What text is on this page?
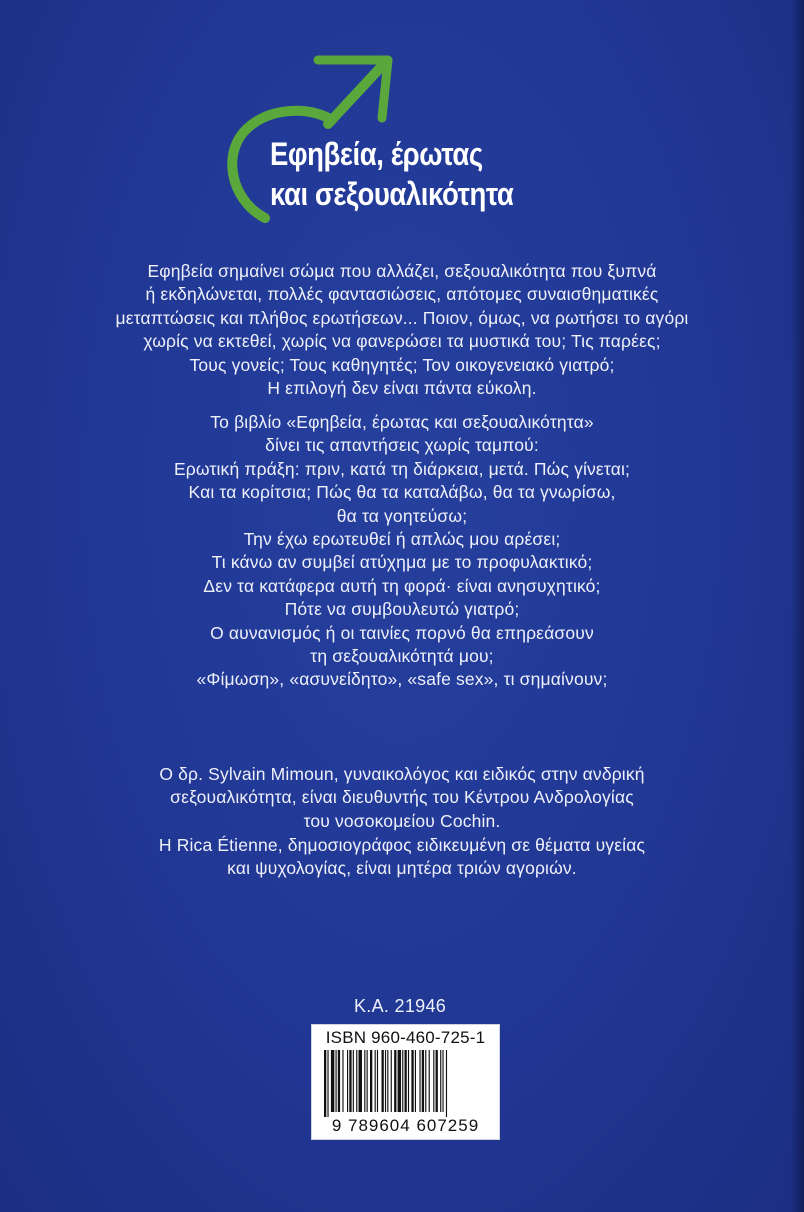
Εφηβεία, έρωτας
και σεξουαλικότητα

Εφηβεία σημαίνει σώμα που αλλάζει, σεξουαλικότητα που ξυπνά

ή εκδηλώνεται, πολλές φαντασιώσεις, απότομες συναισθηματικές

μεταπτώσεις και πλήθος ερωτήσεων... Ποιον, όμως, να ρωτήσει το αγόρι

χωρίς να εκτεθεί, χωρίς να φανερώσει τα μυστικά του; Τις παρέες;

Τους γονείς; Τους καθηγητές; Τον οικογενειακό γιατρό;

Η επιλογή δεν είναι πάντα εύκολη.

Το βιβλίο «Εφηβεία, έρωτας και σεξουαλικότητα»

δίνει τις απαντήσεις χωρίς ταμπού:

Ερωτική πράξη: πριν, κατά τη διάρκεια, μετά. Πώς γίνεται;

Και τα κορίτσια; Πώς θα τα καταλάβω, θα τα γνωρίσω,

θα τα γοητεύσω;

Την έχω ερωτευθεί ή απλώς μου αρέσει;

Τι κάνω αν συμβεί ατύχημα με το προφυλακτικό;

Δεν τα κατάφερα αυτή τη φορά· είναι ανησυχητικό;

Πότε να συμβουλευτώ γιατρό;

Ο αυνανισμός ή οι ταινίες πορνό θα επηρεάσουν

τη σεξουαλικότητά μου;

«Φίμωση», «ασυνείδητο», «safe sex», τι σημαίνουν;

Ο δρ. Sylvain Mimoun, γυναικολόγος και ειδικός στην ανδρική

σεξουαλικότητα, είναι διευθυντής του Κέντρου Ανδρολογίας

του νοσοκομείου Cochin.

Η Rica Étienne, δημοσιογράφος ειδικευμένη σε θέματα υγείας

και ψυχολογίας, είναι μητέρα τριών αγοριών.

Κ.Α. 21946
ISBN 960-460-725-1
9 789604 607259
